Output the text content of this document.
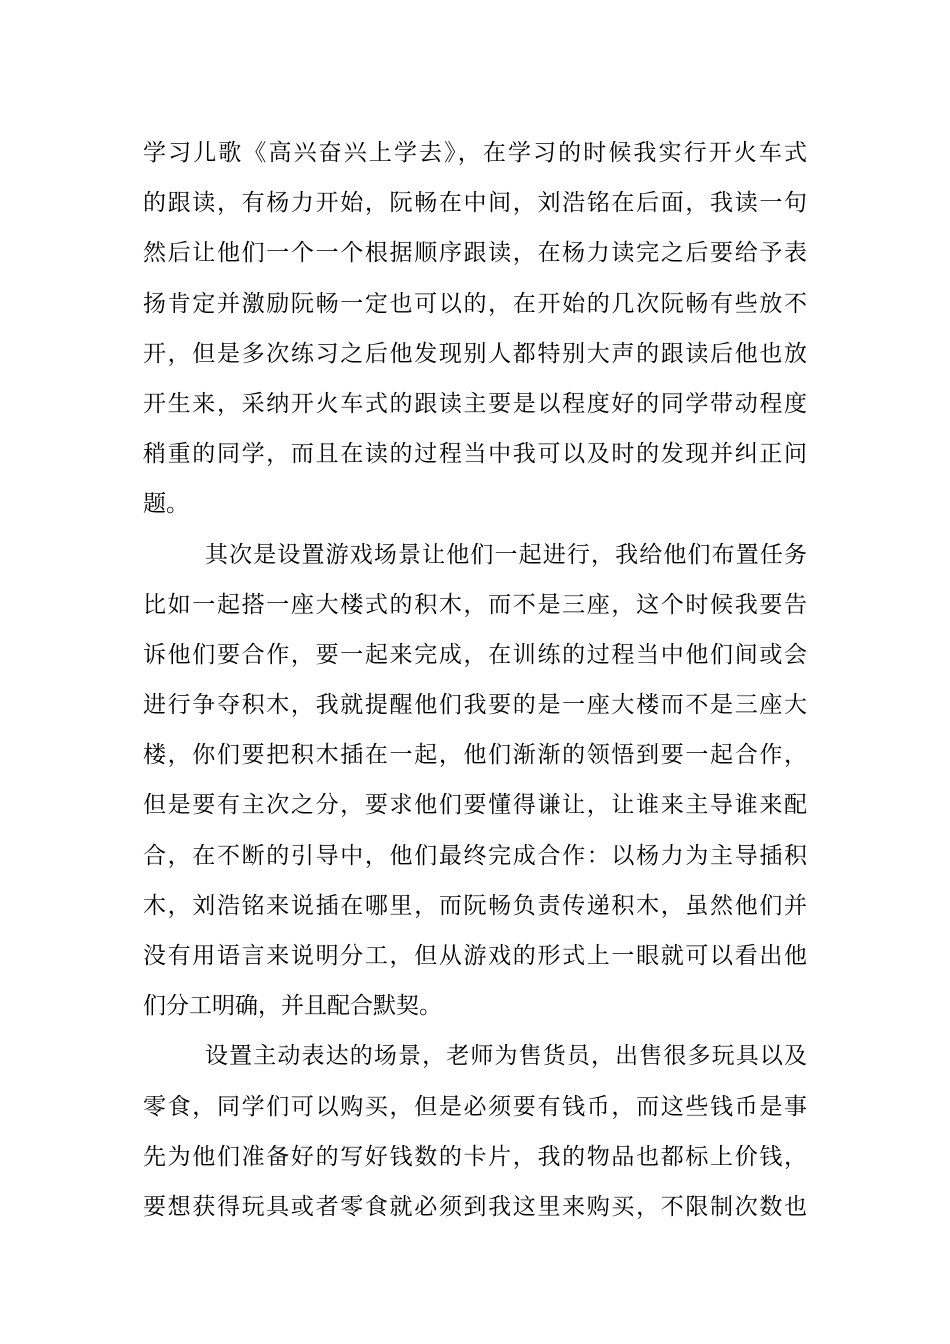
学习儿歌《高兴奋兴上学去》，在学习的时候我实行开火车式
的跟读，有杨力开始，阮畅在中间，刘浩铭在后面，我读一句
然后让他们一个一个根据顺序跟读，在杨力读完之后要给予表
扬肯定并激励阮畅一定也可以的，在开始的几次阮畅有些放不
开，但是多次练习之后他发现别人都特别大声的跟读后他也放
开生来，采纳开火车式的跟读主要是以程度好的同学带动程度
稍重的同学，而且在读的过程当中我可以及时的发现并纠正问
题。
其次是设置游戏场景让他们一起进行，我给他们布置任务
比如一起搭一座大楼式的积木，而不是三座，这个时候我要告
诉他们要合作，要一起来完成，在训练的过程当中他们间或会
进行争夺积木，我就提醒他们我要的是一座大楼而不是三座大
楼，你们要把积木插在一起，他们渐渐的领悟到要一起合作，
但是要有主次之分，要求他们要懂得谦让，让谁来主导谁来配
合，在不断的引导中，他们最终完成合作：以杨力为主导插积
木，刘浩铭来说插在哪里，而阮畅负责传递积木，虽然他们并
没有用语言来说明分工，但从游戏的形式上一眼就可以看出他
们分工明确，并且配合默契。
设置主动表达的场景，老师为售货员，出售很多玩具以及
零食，同学们可以购买，但是必须要有钱币，而这些钱币是事
先为他们准备好的写好钱数的卡片，我的物品也都标上价钱，
要想获得玩具或者零食就必须到我这里来购买，不限制次数也
